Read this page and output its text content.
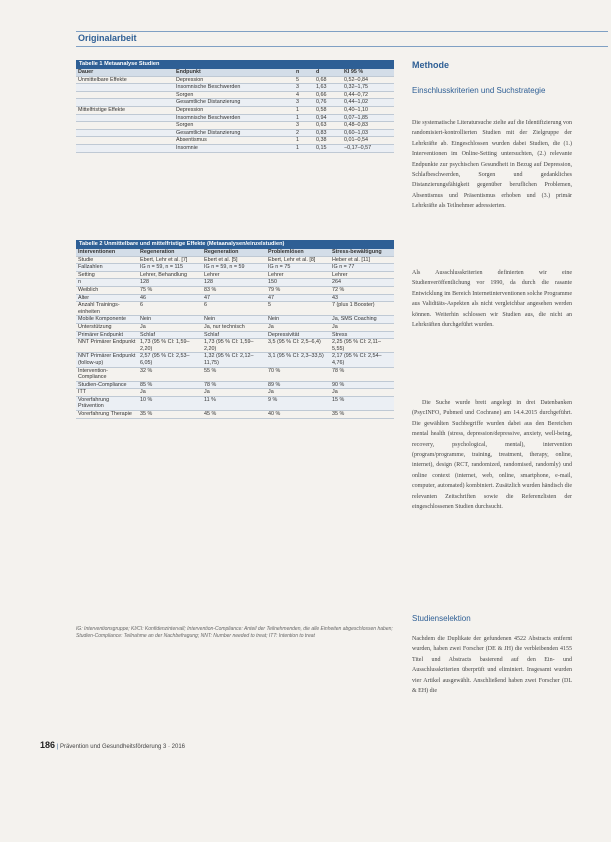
Originalarbeit
Tabelle 1 Metaanalyse Studien
Dauer	Endpunkt	n	d	KI 95 %
Unmittelbare Effekte	Depression	5	0,68	0,52–0,84
	Insomnische Beschwerden	3	1,63	0,32–1,75
	Sorgen	4	0,66	0,44–0,72
	Gesamtliche Distanzierung	3	0,76	0,44–1,02
Mittelfristige Effekte	Depression	1	0,58	0,40–1,10
	Insomnische Beschwerden	1	0,94	0,07–1,85
	Sorgen	3	0,63	0,48–0,83
	Gesamtliche Distanzierung	2	0,83	0,60–1,03
	Absentismus	1	0,38	0,01–0,54
	Insomnie	1	0,15	−0,17–0,57
Tabelle 2 Unmittelbare und mittelfristige Effekte (Metaanalysen/einzelstudien)
Interventionen	Regeneration	Regeneration	Problemlösen	Stress-bewältigung
Studie	Ebert, Lehr et al. [7]	Ebert et al. [5]	Ebert, Lehr et al. [8]	Heber et al. [11]
Fallzahlen	IG n = 59, n = 115	IG n = 59, n = 59	IG n = 75	IG n = 77
Setting	Lehrer, Behandlung	Lehrer	Lehrer	Lehrer
n	128	128	150	264
Weiblich	75 %	83 %	79 %	72 %
Alter	46	47	47	43
Anzahl Trainings-einheiten	6	6	5	7 (plus 1 Booster)
Mobile Komponente	Nein	Nein	Nein	Ja, SMS Coaching
Unterstützung	Ja	Ja, nur technisch	Ja	Ja
Primärer Endpunkt	Schlaf	Schlaf	Depressivität	Stress
NNT Primärer Endpunkt	1,73 (95 % CI: 1,59–2,20)	1,73 (95 % CI: 1,59–2,20)	3,5 (95 % CI: 2,5–6,4)	2,25 (95 % CI: 2,11–5,55)
NNT Primärer Endpunkt (follow-up)	2,57 (95 % CI: 2,53–6,05)	1,32 (95 % CI: 2,12–11,75)	3,1 (95 % CI: 2,3–33,5)	2,17 (95 % CI: 2,54–4,76)
Intervention-Compliance	32 %	55 %	70 %	78 %
Studien-Compliance	85 %	78 %	89 %	90 %
ITT	Ja	Ja	Ja	Ja
Vorerfahrung Prävention	10 %	11 %	9 %	15 %
Vorerfahrung Therapie	35 %	45 %	40 %	35 %
IG: Interventionsgruppe; KI/CI: Konfidenzintervall; Intervention-Compliance: Anteil der Teilnehmenden, die alle Einheiten abgeschlossen haben; Studien-Compliance: Teilnahme an der Nachbefragung; NNT: Number needed to treat; ITT: Intention to treat
Methode
Einschlusskriterien und Suchstrategie
Die systematische Literatursuche zielte auf die Identifizierung von randomisiert-kontrollierten Studien mit der Zielgruppe der Lehrkräfte ab. Eingeschlossen wurden dabei Studien, die (1.) Interventionen im Online-Setting untersuchten, (2.) relevante Endpunkte zur psychischen Gesundheit in Bezug auf Depression, Schlafbeschwerden, Sorgen und gedankliches Distanzierungsfähigkeit gegenüber beruflichen Problemen, Absentismus und Präsentismus erhoben und (3.) primär Lehrkräfte als Teilnehmer adressierten.
Als Ausschlusskriterien definierten wir eine Studienveröffentlichung vor 1990, da durch die rasante Entwicklung im Bereich Internetinterventionen solche Programme aus Validitäts-Aspekten als nicht vergleichbar angesehen werden können. Weiterhin schlossen wir Studien aus, die nicht an Lehrkräften durchgeführt wurden.
Die Suche wurde breit angelegt in drei Datenbanken (PsycINFO, Pubmed und Cochrane) am 14.4.2015 durchgeführt. Die gewählten Suchbegriffe wurden dabei aus den Bereichen mental health (stress, depression/depressive, anxiety, well-being, recovery, psychological, mental), intervention (program/programme, training, treatment, therapy, online, internet), design (RCT, randomized, randomised, randomly) und online context (internet, web, online, smartphone, e-mail, computer, automated) kombiniert. Zusätzlich wurden händisch die relevanten Zeitschriften sowie die Referenzlisten der eingeschlossenen Studien durchsucht.
Studienselektion
Nachdem die Duplikate der gefundenen 4522 Abstracts entfernt wurden, haben zwei Forscher (DE & JH) die verbleibenden 4155 Titel und Abstracts basierend auf den Ein- und Ausschlusskriterien überprüft und eliminiert. Insgesamt wurden vier Artikel ausgewählt. Anschließend haben zwei Forscher (DL & EH) die
186 | Prävention und Gesundheitsförderung 3 · 2016
